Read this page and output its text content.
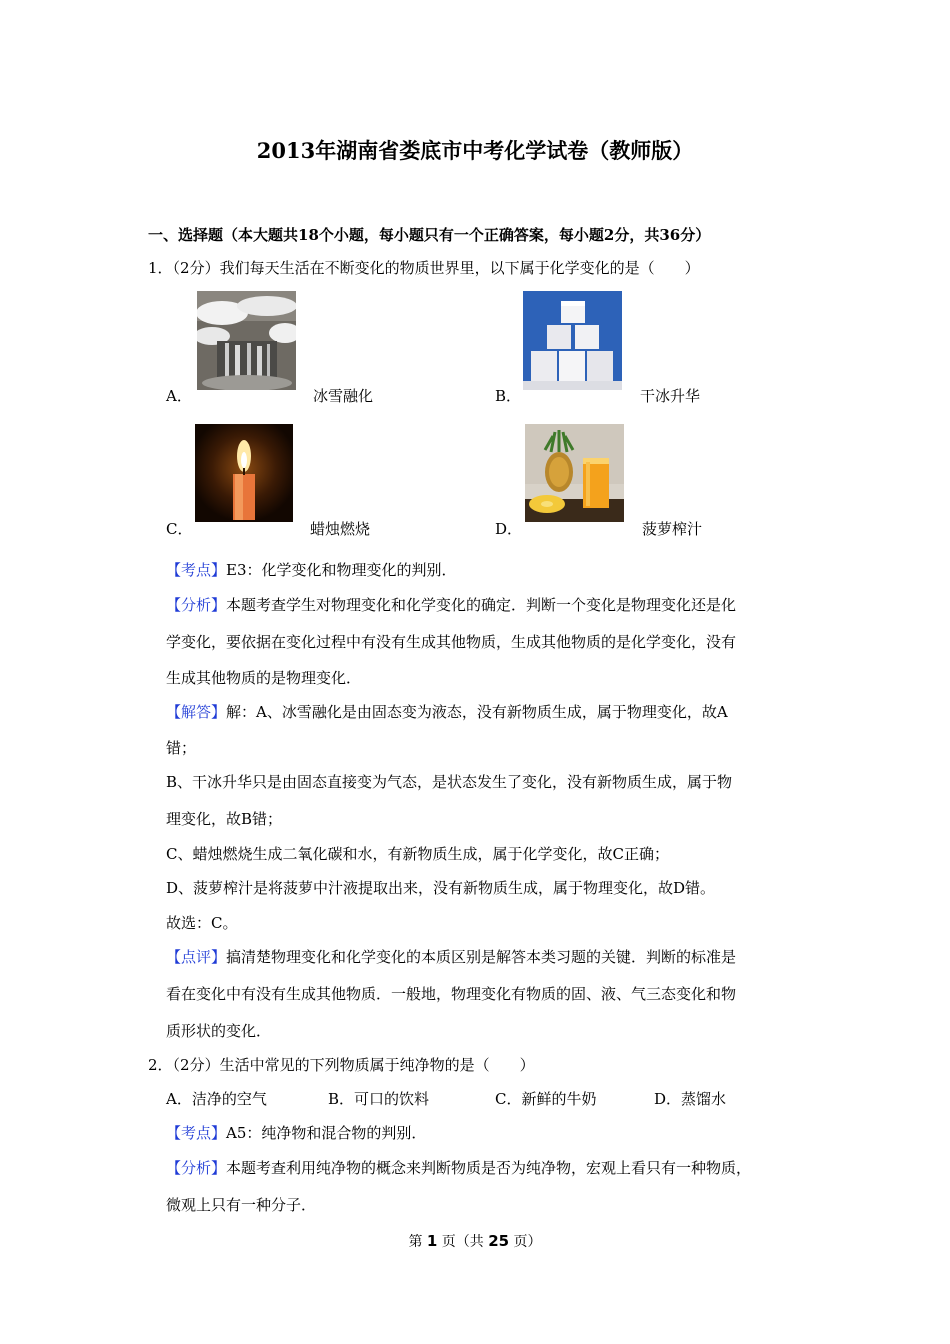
2013年湖南省娄底市中考化学试卷（教师版）
一、选择题（本大题共18个小题，每小题只有一个正确答案，每小题2分，共36分）
1．（2分）我们每天生活在不断变化的物质世界里，以下属于化学变化的是（　　）
A．	冰雪融化	B．	干冰升华
C．	蜡烛燃烧	D．	菠萝榨汁
【考点】E3：化学变化和物理变化的判别．
【分析】本题考查学生对物理变化和化学变化的确定．判断一个变化是物理变化还是化
学变化，要依据在变化过程中有没有生成其他物质，生成其他物质的是化学变化，没有
生成其他物质的是物理变化．
【解答】解：A、冰雪融化是由固态变为液态，没有新物质生成，属于物理变化，故A
错；
B、干冰升华只是由固态直接变为气态，是状态发生了变化，没有新物质生成，属于物
理变化，故B错；
C、蜡烛燃烧生成二氧化碳和水，有新物质生成，属于化学变化，故C正确；
D、菠萝榨汁是将菠萝中汁液提取出来，没有新物质生成，属于物理变化，故D错。
故选：C。
【点评】搞清楚物理变化和化学变化的本质区别是解答本类习题的关键．判断的标准是
看在变化中有没有生成其他物质．一般地，物理变化有物质的固、液、气三态变化和物
质形状的变化．
2．（2分）生活中常见的下列物质属于纯净物的是（　　）
A．洁净的空气	B．可口的饮料	C．新鲜的牛奶	D．蒸馏水
【考点】A5：纯净物和混合物的判别．
【分析】本题考查利用纯净物的概念来判断物质是否为纯净物，宏观上看只有一种物质，
微观上只有一种分子．
第 1 页（共 25 页）
